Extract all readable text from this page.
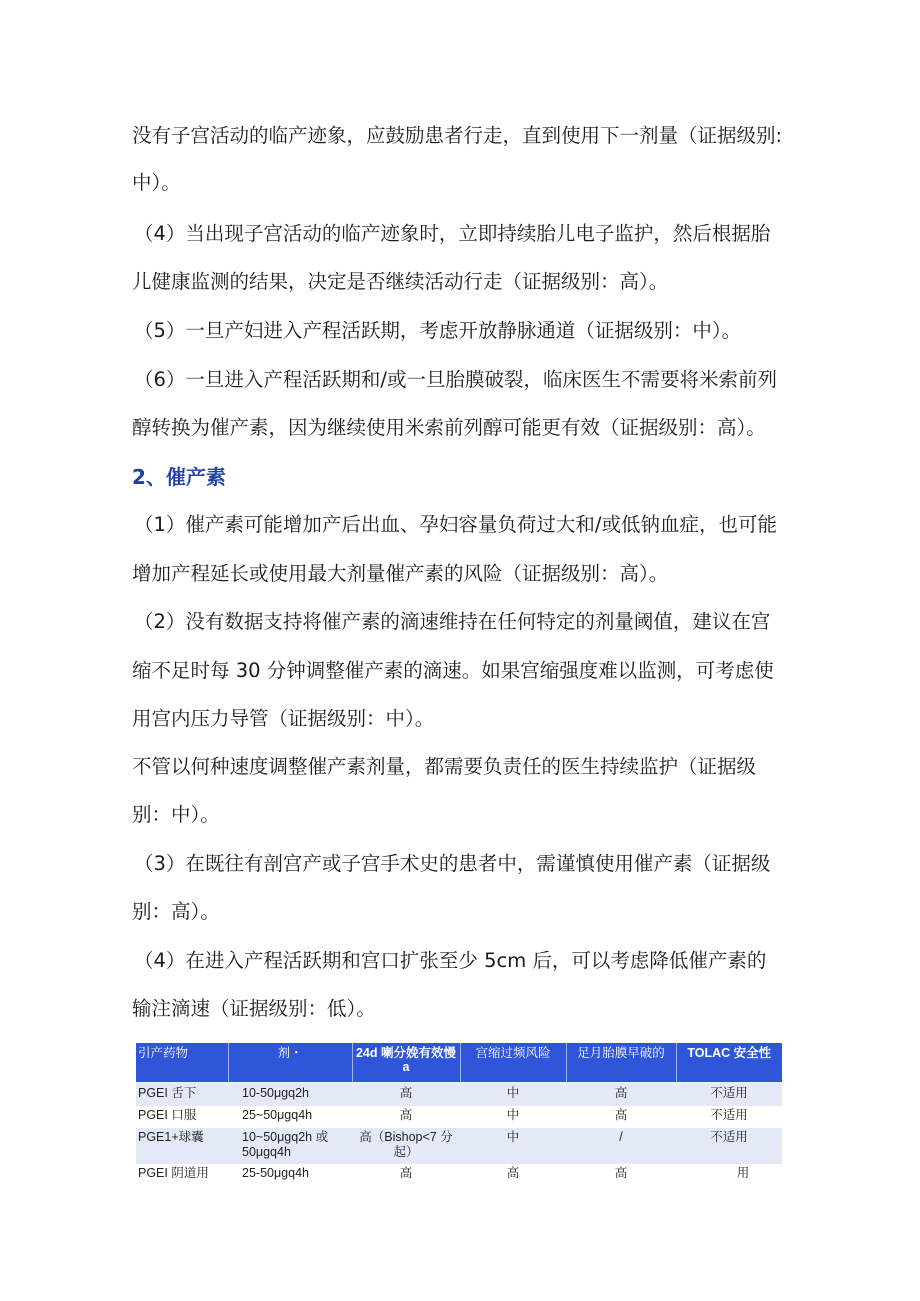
没有子宫活动的临产迹象，应鼓励患者行走，直到使用下一剂量（证据级别:
中）。
（4）当出现子宫活动的临产迹象时，立即持续胎儿电子监护，然后根据胎
儿健康监测的结果，决定是否继续活动行走（证据级别：高）。
（5）一旦产妇进入产程活跃期，考虑开放静脉通道（证据级别：中）。
（6）一旦进入产程活跃期和/或一旦胎膜破裂，临床医生不需要将米索前列
醇转换为催产素，因为继续使用米索前列醇可能更有效（证据级别：高）。
2、催产素
（1）催产素可能增加产后出血、孕妇容量负荷过大和/或低钠血症，也可能
增加产程延长或使用最大剂量催产素的风险（证据级别：高）。
（2）没有数据支持将催产素的滴速维持在任何特定的剂量阈值，建议在宫
缩不足时每 30 分钟调整催产素的滴速。如果宫缩强度难以监测，可考虑使
用宫内压力导管（证据级别：中）。
不管以何种速度调整催产素剂量，都需要负责任的医生持续监护（证据级
别：中）。
（3）在既往有剖宫产或子宫手术史的患者中，需谨慎使用催产素（证据级
别：高）。
（4）在进入产程活跃期和宫口扩张至少 5cm 后，可以考虑降低催产素的
输注滴速（证据级别：低）。
引产药物	剂・	24d 喇分娩有效慢 a	宫缩过频风险	足月胎膜早破的	TOLAC 安全性
PGEI 舌下	10-50μgq2h	高	中	高	不适用
PGEI 口服	25~50μgq4h	高	中	高	不适用
PGE1+球囊	10~50μgq2h 或 50μgq4h	高（Bishop<7 分起）	中	/	不适用
PGEI 阴道用	25-50μgq4h	高	高	高	用
